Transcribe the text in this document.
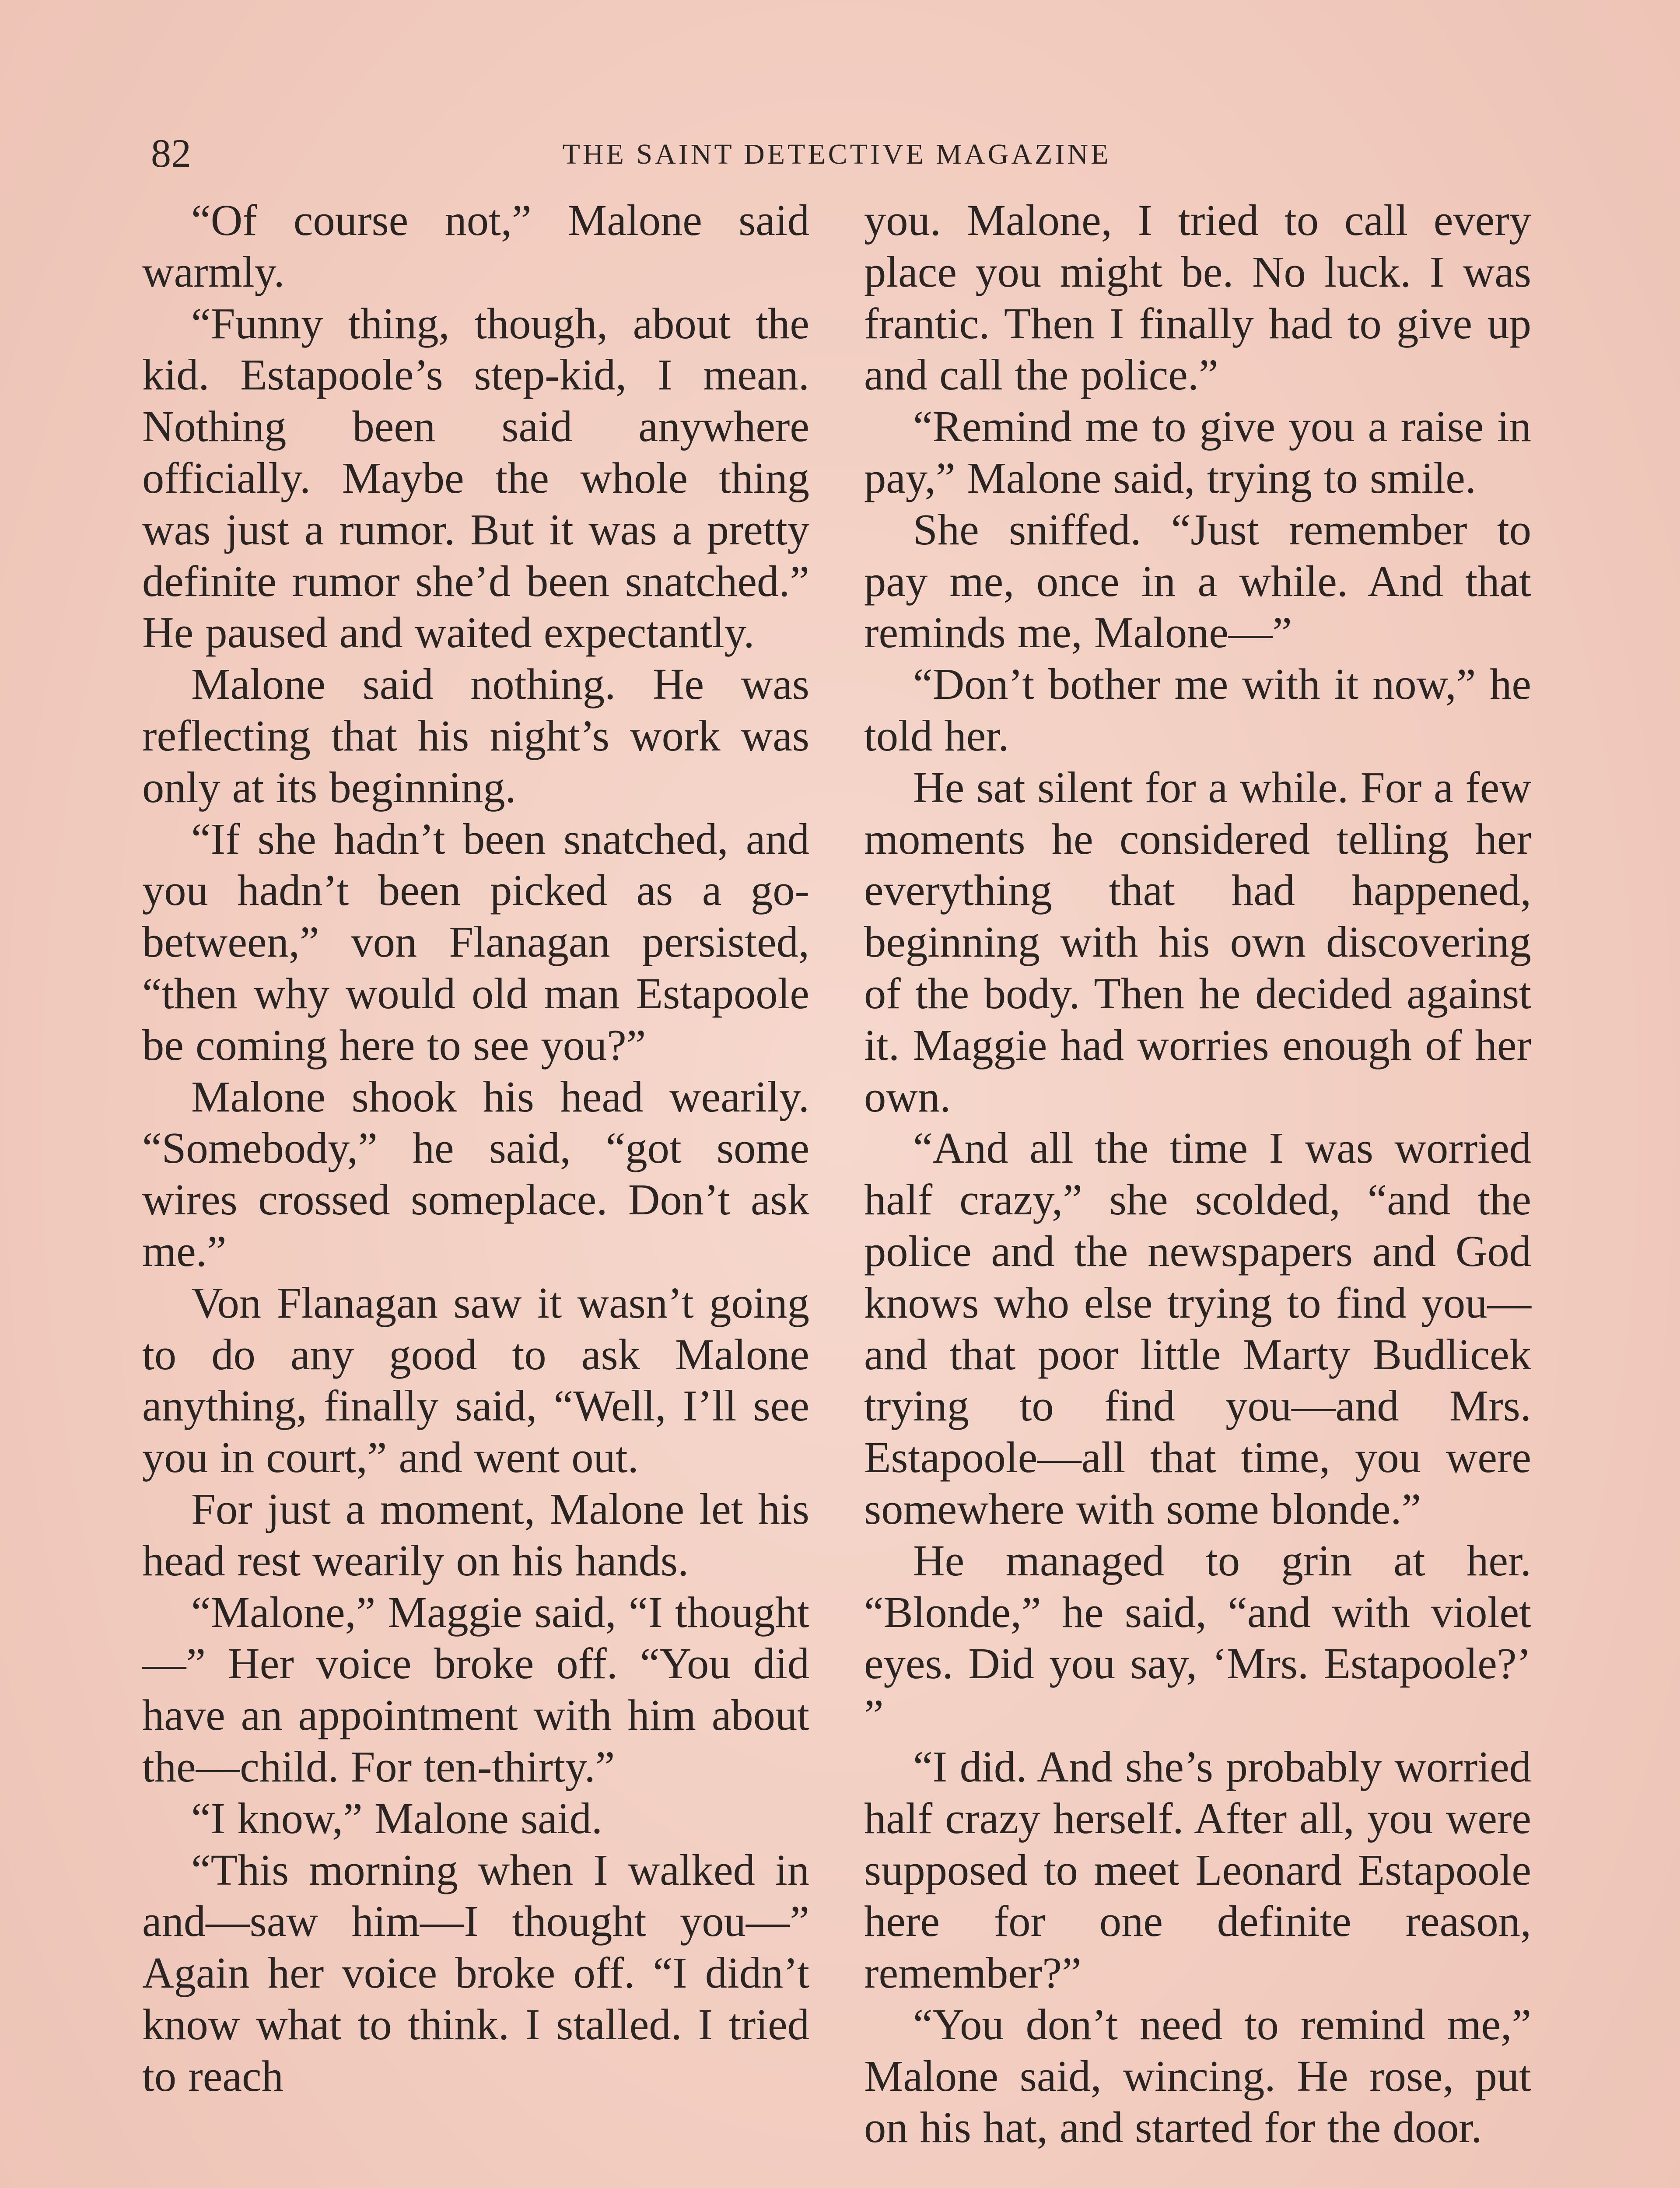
82	THE SAINT DETECTIVE MAGAZINE

“Of course not,” Malone said warmly.

“Funny thing, though, about the kid. Estapoole’s step-kid, I mean. Nothing been said anywhere officially. Maybe the whole thing was just a rumor. But it was a pretty definite rumor she’d been snatched.” He paused and waited expectantly.

Malone said nothing. He was reflecting that his night’s work was only at its beginning.

“If she hadn’t been snatched, and you hadn’t been picked as a go-between,” von Flanagan persisted, “then why would old man Estapoole be coming here to see you?”

Malone shook his head wearily. “Somebody,” he said, “got some wires crossed someplace. Don’t ask me.”

Von Flanagan saw it wasn’t going to do any good to ask Malone anything, finally said, “Well, I’ll see you in court,” and went out.

For just a moment, Malone let his head rest wearily on his hands.

“Malone,” Maggie said, “I thought—” Her voice broke off. “You did have an appointment with him about the—child. For ten-thirty.”

“I know,” Malone said.

“This morning when I walked in and—saw him—I thought you—” Again her voice broke off. “I didn’t know what to think. I stalled. I tried to reach

you. Malone, I tried to call every place you might be. No luck. I was frantic. Then I finally had to give up and call the police.”

“Remind me to give you a raise in pay,” Malone said, trying to smile.

She sniffed. “Just remember to pay me, once in a while. And that reminds me, Malone—”

“Don’t bother me with it now,” he told her.

He sat silent for a while. For a few moments he considered telling her everything that had happened, beginning with his own discovering of the body. Then he decided against it. Maggie had worries enough of her own.

“And all the time I was worried half crazy,” she scolded, “and the police and the newspapers and God knows who else trying to find you—and that poor little Marty Budlicek trying to find you—and Mrs. Estapoole—all that time, you were somewhere with some blonde.”

He managed to grin at her. “Blonde,” he said, “and with violet eyes. Did you say, ‘Mrs. Estapoole?’ ”

“I did. And she’s probably worried half crazy herself. After all, you were supposed to meet Leonard Estapoole here for one definite reason, remember?”

“You don’t need to remind me,” Malone said, wincing. He rose, put on his hat, and started for the door.
